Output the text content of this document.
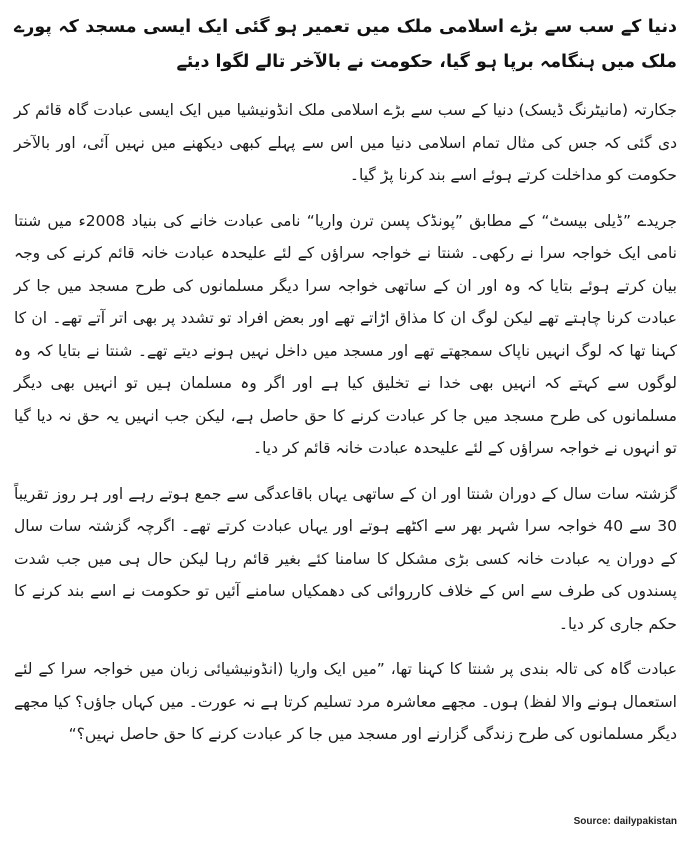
دنیا کے سب سے بڑے اسلامی ملک میں تعمیر ہو گئی ایک ایسی مسجد کہ پورے ملک میں ہنگامہ برپا ہو گیا، حکومت نے بالآخر تالے لگوا دیئے

جکارتہ (مانیٹرنگ ڈیسک) دنیا کے سب سے بڑے اسلامی ملک انڈونیشیا میں ایک ایسی عبادت گاہ قائم کر دی گئی کہ جس کی مثال تمام اسلامی دنیا میں اس سے پہلے کبھی دیکھنے میں نہیں آئی، اور بالآخر حکومت کو مداخلت کرتے ہوئے اسے بند کرنا پڑ گیا۔

جریدے ”ڈیلی بیسٹ“ کے مطابق ”پونڈک پسن ترن واریا“ نامی عبادت خانے کی بنیاد 2008ء میں شنتا نامی ایک خواجہ سرا نے رکھی۔ شنتا نے خواجہ سراؤں کے لئے علیحدہ عبادت خانہ قائم کرنے کی وجہ بیان کرتے ہوئے بتایا کہ وہ اور ان کے ساتھی خواجہ سرا دیگر مسلمانوں کی طرح مسجد میں جا کر عبادت کرنا چاہتے تھے لیکن لوگ ان کا مذاق اڑاتے تھے اور بعض افراد تو تشدد پر بھی اتر آتے تھے۔ ان کا کہنا تھا کہ لوگ انہیں ناپاک سمجھتے تھے اور مسجد میں داخل نہیں ہونے دیتے تھے۔ شنتا نے بتایا کہ وہ لوگوں سے کہتے کہ انہیں بھی خدا نے تخلیق کیا ہے اور اگر وہ مسلمان ہیں تو انہیں بھی دیگر مسلمانوں کی طرح مسجد میں جا کر عبادت کرنے کا حق حاصل ہے، لیکن جب انہیں یہ حق نہ دیا گیا تو انہوں نے خواجہ سراؤں کے لئے علیحدہ عبادت خانہ قائم کر دیا۔

گزشتہ سات سال کے دوران شنتا اور ان کے ساتھی یہاں باقاعدگی سے جمع ہوتے رہے اور ہر روز تقریباً 30 سے 40 خواجہ سرا شہر بھر سے اکٹھے ہوتے اور یہاں عبادت کرتے تھے۔ اگرچہ گزشتہ سات سال کے دوران یہ عبادت خانہ کسی بڑی مشکل کا سامنا کئے بغیر قائم رہا لیکن حال ہی میں جب شدت پسندوں کی طرف سے اس کے خلاف کارروائی کی دھمکیاں سامنے آئیں تو حکومت نے اسے بند کرنے کا حکم جاری کر دیا۔

عبادت گاہ کی تالہ بندی پر شنتا کا کہنا تھا، ”میں ایک واریا (انڈونیشیائی زبان میں خواجہ سرا کے لئے استعمال ہونے والا لفظ) ہوں۔ مجھے معاشرہ مرد تسلیم کرتا ہے نہ عورت۔ میں کہاں جاؤں؟ کیا مجھے دیگر مسلمانوں کی طرح زندگی گزارنے اور مسجد میں جا کر عبادت کرنے کا حق حاصل نہیں؟“

Source: dailypakistan
